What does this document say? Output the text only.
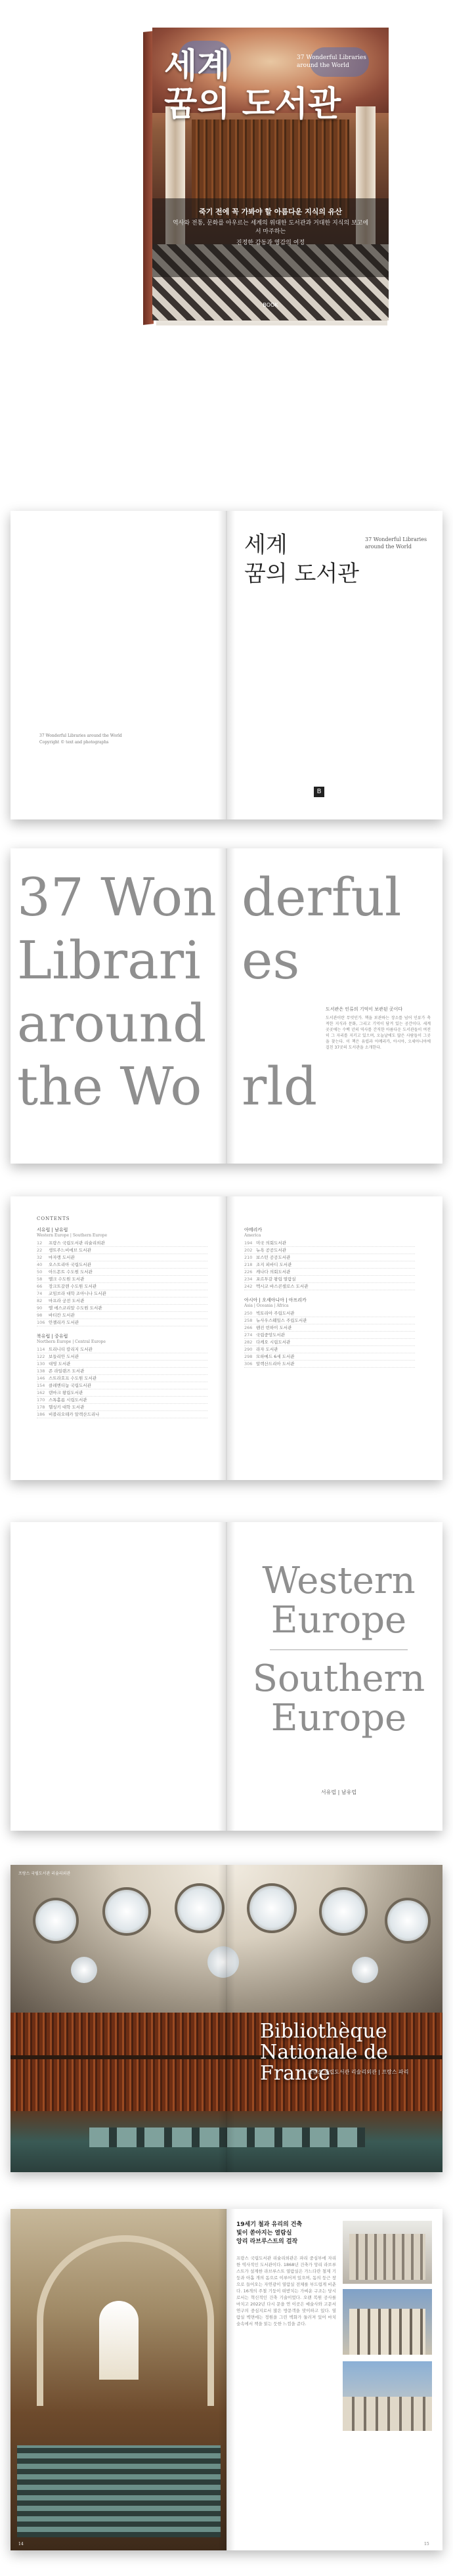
세계
꿈의 도서관
37 Wonderful Libraries around the World
죽기 전에 꼭 가봐야 할 아름다운 지식의 유산
역사와 전통, 문화를 아우르는 세계의 위대한 도서관과 거대한 지식의 보고에서 마주하는
진정한 감동과 영감의 여정
BOOK
37 Wonderful Libraries around the World
Copyright © text and photographs
세계
꿈의 도서관
37 Wonderful Libraries
around the World
B
37 Won derful
Librari es
around
the Wo rld
도서관은 인류의 기억이 보관된 곳이다
도서관이란 무엇인가. 책을 보관하는 장소를 넘어 인류가 축적한 지식과 문화, 그리고 기억이 담겨 있는 공간이다. 세계 곳곳에는 수백 년의 역사를 간직한 아름다운 도서관들이 여전히 그 자리를 지키고 있으며, 오늘날에도 많은 사람들이 그곳을 찾는다. 이 책은 유럽과 아메리카, 아시아, 오세아니아에 걸친 37곳의 도서관을 소개한다.
CONTENTS
서유럽 | 남유럽
Western Europe | Southern Europe
12	프랑스 국립도서관 리슐리외관
22	생트주느비에브 도서관
32	마자랭 도서관
40	오스트리아 국립도서관
50	아드몬트 수도원 도서관
58	멜크 수도원 도서관
66	장크트갈렌 수도원 도서관
74	코임브라 대학 조아니나 도서관
82	마프라 궁전 도서관
90	엘 에스코리알 수도원 도서관
98	바티칸 도서관
106 안젤리카 도서관
북유럽 | 중유럽
Northern Europe | Central Europe
114 트리니티 칼리지 도서관
122 보들리안 도서관
130 대영 도서관
138 존 라일랜즈 도서관
146 스트라호프 수도원 도서관
154 클레멘티눔 국립도서관
162 덴마크 왕립도서관
170 스톡홀름 시립도서관
178 헬싱키 대학 도서관
186 비블리오테카 알렉산드리나
아메리카
America
194 미국 의회도서관
202 뉴욕 공공도서관
210 보스턴 공공도서관
218 조지 피바디 도서관
226 캐나다 의회도서관
234 포르투갈 왕립 열람실
242 멕시코 바스콘셀로스 도서관
아시아 | 오세아니아 | 아프리카
Asia | Oceania | Africa
250 빅토리아 주립도서관
258 뉴사우스웨일스 주립도서관
266 톈진 빈하이 도서관
274 국립중앙도서관
282 다케오 시립도서관
290 라자 도서관
298 모하메드 6세 도서관
306 알렉산드리아 도서관
Western
Europe
Southern
Europe
서유럽 | 남유럽
프랑스 국립도서관 리슐리외관
Bibliothèque
Nationale de France
프랑스 국립도서관 리슐리외관 | 프랑스 파리
19세기 철과 유리의 건축
빛이 쏟아지는 열람실
앙리 라브루스트의 걸작
프랑스 국립도서관 리슐리외관은 파리 중심부에 자리한 역사적인 도서관이다. 1868년 건축가 앙리 라브루스트가 설계한 라브루스트 열람실은 가느다란 철제 기둥과 아홉 개의 돔으로 이루어져 있으며, 돔의 둥근 창으로 들어오는 자연광이 열람실 전체를 부드럽게 비춘다. 16개의 주철 기둥이 떠받치는 가벼운 구조는 당시로서는 혁신적인 건축 기술이었다. 오랜 복원 공사를 마치고 2022년 다시 문을 연 이곳은 예술사와 고문서 연구의 중심지로서 많은 방문객을 맞이하고 있다. 열람실 벽면에는 정원을 그린 벽화가 둘러져 있어 마치 숲속에서 책을 읽는 듯한 느낌을 준다.
14	15
